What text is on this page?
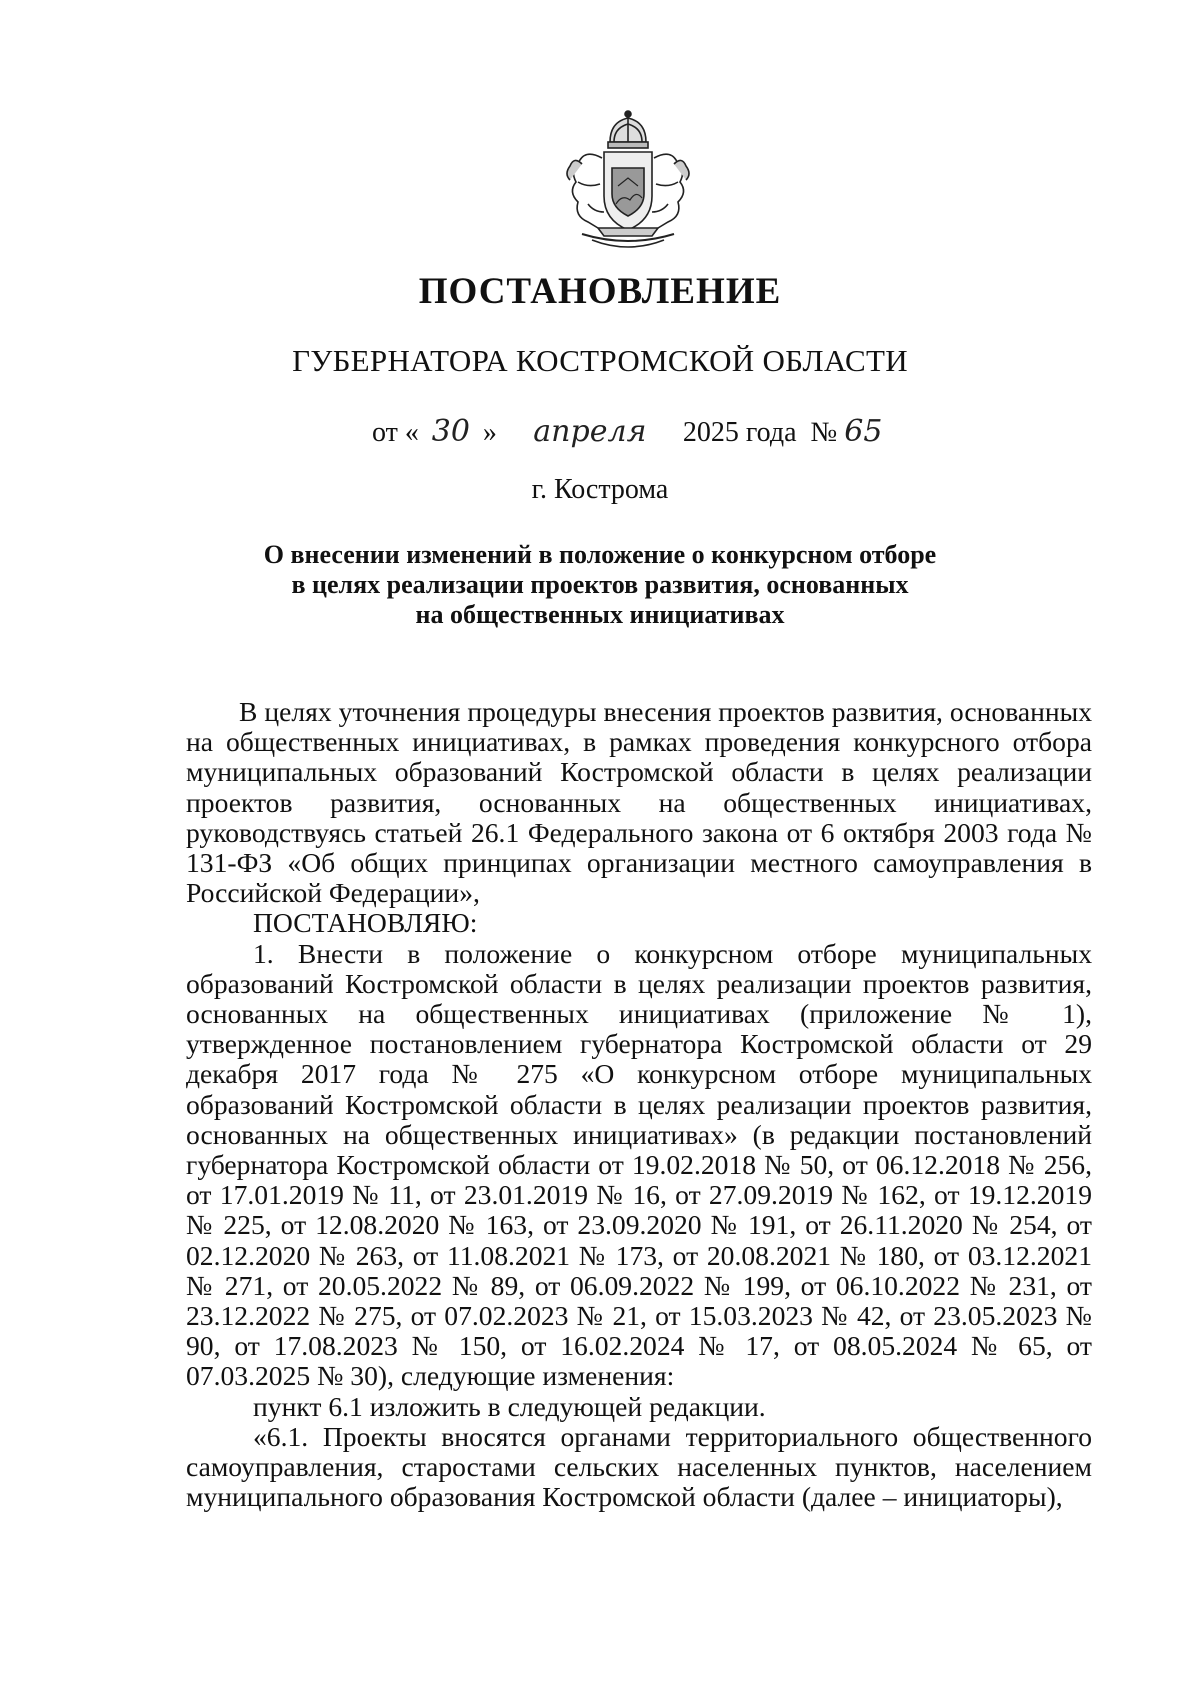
ПОСТАНОВЛЕНИЕ
ГУБЕРНАТОРА КОСТРОМСКОЙ ОБЛАСТИ
от « 30 » апреля 2025 года № 65
г. Кострома
О внесении изменений в положение о конкурсном отборе
в целях реализации проектов развития, основанных
на общественных инициативах

В целях уточнения процедуры внесения проектов развития, основанных на общественных инициативах, в рамках проведения конкурсного отбора муниципальных образований Костромской области в целях реализации проектов развития, основанных на общественных инициативах, руководствуясь статьей 26.1 Федерального закона от 6 октября 2003 года № 131-ФЗ «Об общих принципах организации местного самоуправления в Российской Федерации»,

ПОСТАНОВЛЯЮ:

1. Внести в положение о конкурсном отборе муниципальных образований Костромской области в целях реализации проектов развития, основанных на общественных инициативах (приложение № 1), утвержденное постановлением губернатора Костромской области от 29 декабря 2017 года № 275 «О конкурсном отборе муниципальных образований Костромской области в целях реализации проектов развития, основанных на общественных инициативах» (в редакции постановлений губернатора Костромской области от 19.02.2018 № 50, от 06.12.2018 № 256, от 17.01.2019 № 11, от 23.01.2019 № 16, от 27.09.2019 № 162, от 19.12.2019 № 225, от 12.08.2020 № 163, от 23.09.2020 № 191, от 26.11.2020 № 254, от 02.12.2020 № 263, от 11.08.2021 № 173, от 20.08.2021 № 180, от 03.12.2021 № 271, от 20.05.2022 № 89, от 06.09.2022 № 199, от 06.10.2022 № 231, от 23.12.2022 № 275, от 07.02.2023 № 21, от 15.03.2023 № 42, от 23.05.2023 № 90, от 17.08.2023 № 150, от 16.02.2024 № 17, от 08.05.2024 № 65, от 07.03.2025 № 30), следующие изменения:

пункт 6.1 изложить в следующей редакции.

«6.1. Проекты вносятся органами территориального общественного самоуправления, старостами сельских населенных пунктов, населением муниципального образования Костромской области (далее – инициаторы),
